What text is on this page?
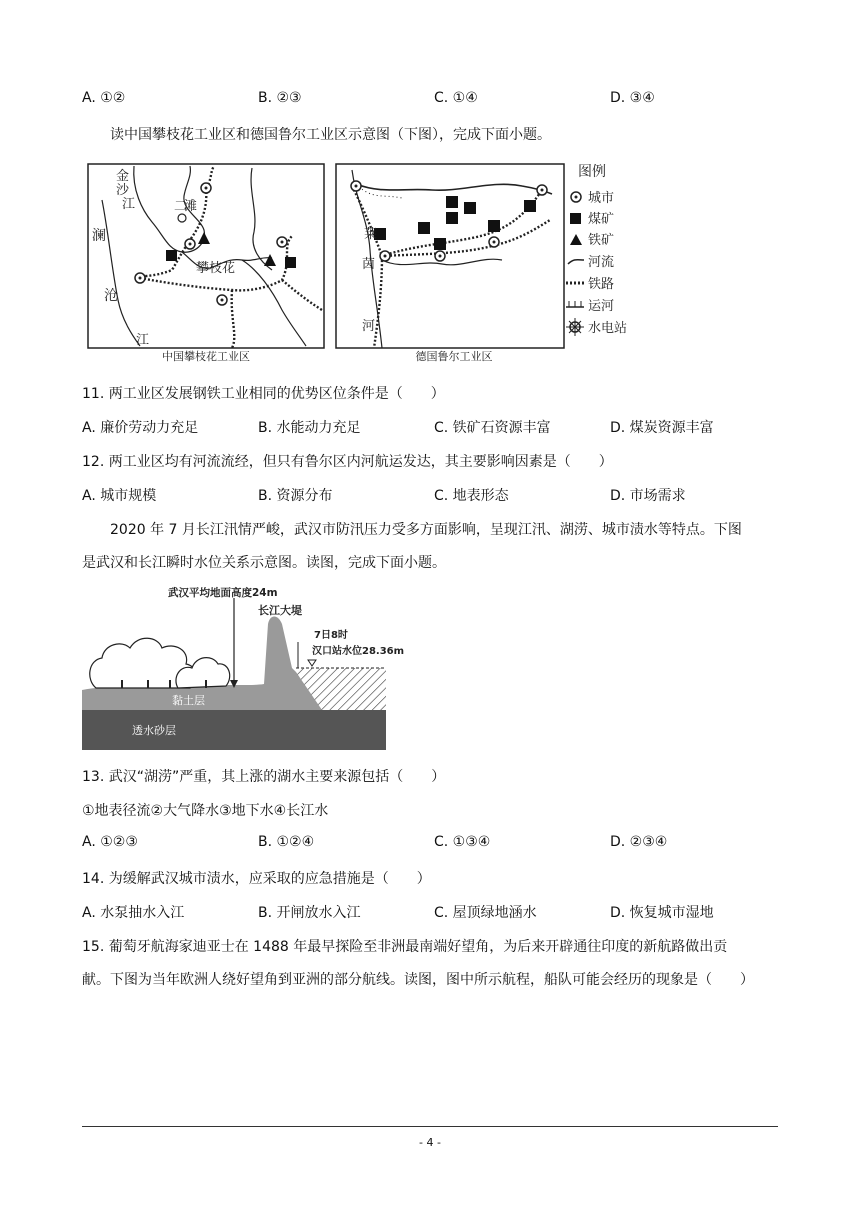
A. ①②	B. ②③	C. ①④	D. ③④
读中国攀枝花工业区和德国鲁尔工业区示意图（下图），完成下面小题。
金
沙
江	二
滩
澜
沧
江
攀枝花
中国攀枝花工业区
莱
茵
河
德国鲁尔工业区
图例
城市
煤矿
铁矿
河流
铁路
运河
水电站
11. 两工业区发展钢铁工业相同的优势区位条件是（　　）
A. 廉价劳动力充足	B. 水能动力充足	C. 铁矿石资源丰富	D. 煤炭资源丰富
12. 两工业区均有河流流经，但只有鲁尔区内河航运发达，其主要影响因素是（　　）
A. 城市规模	B. 资源分布	C. 地表形态	D. 市场需求
2020 年 7 月长江汛情严峻，武汉市防汛压力受多方面影响，呈现江汛、湖涝、城市渍水等特点。下图
是武汉和长江瞬时水位关系示意图。读图，完成下面小题。
武汉平均地面高度24m
长江大堤
7日8时
汉口站水位28.36m
黏土层
透水砂层
13. 武汉“湖涝”严重，其上涨的湖水主要来源包括（　　）
①地表径流②大气降水③地下水④长江水
A. ①②③	B. ①②④	C. ①③④	D. ②③④
14. 为缓解武汉城市渍水，应采取的应急措施是（　　）
A. 水泵抽水入江	B. 开闸放水入江	C. 屋顶绿地涵水	D. 恢复城市湿地
15. 葡萄牙航海家迪亚士在 1488 年最早探险至非洲最南端好望角，为后来开辟通往印度的新航路做出贡
献。下图为当年欧洲人绕好望角到亚洲的部分航线。读图，图中所示航程，船队可能会经历的现象是（　　）
- 4 -
